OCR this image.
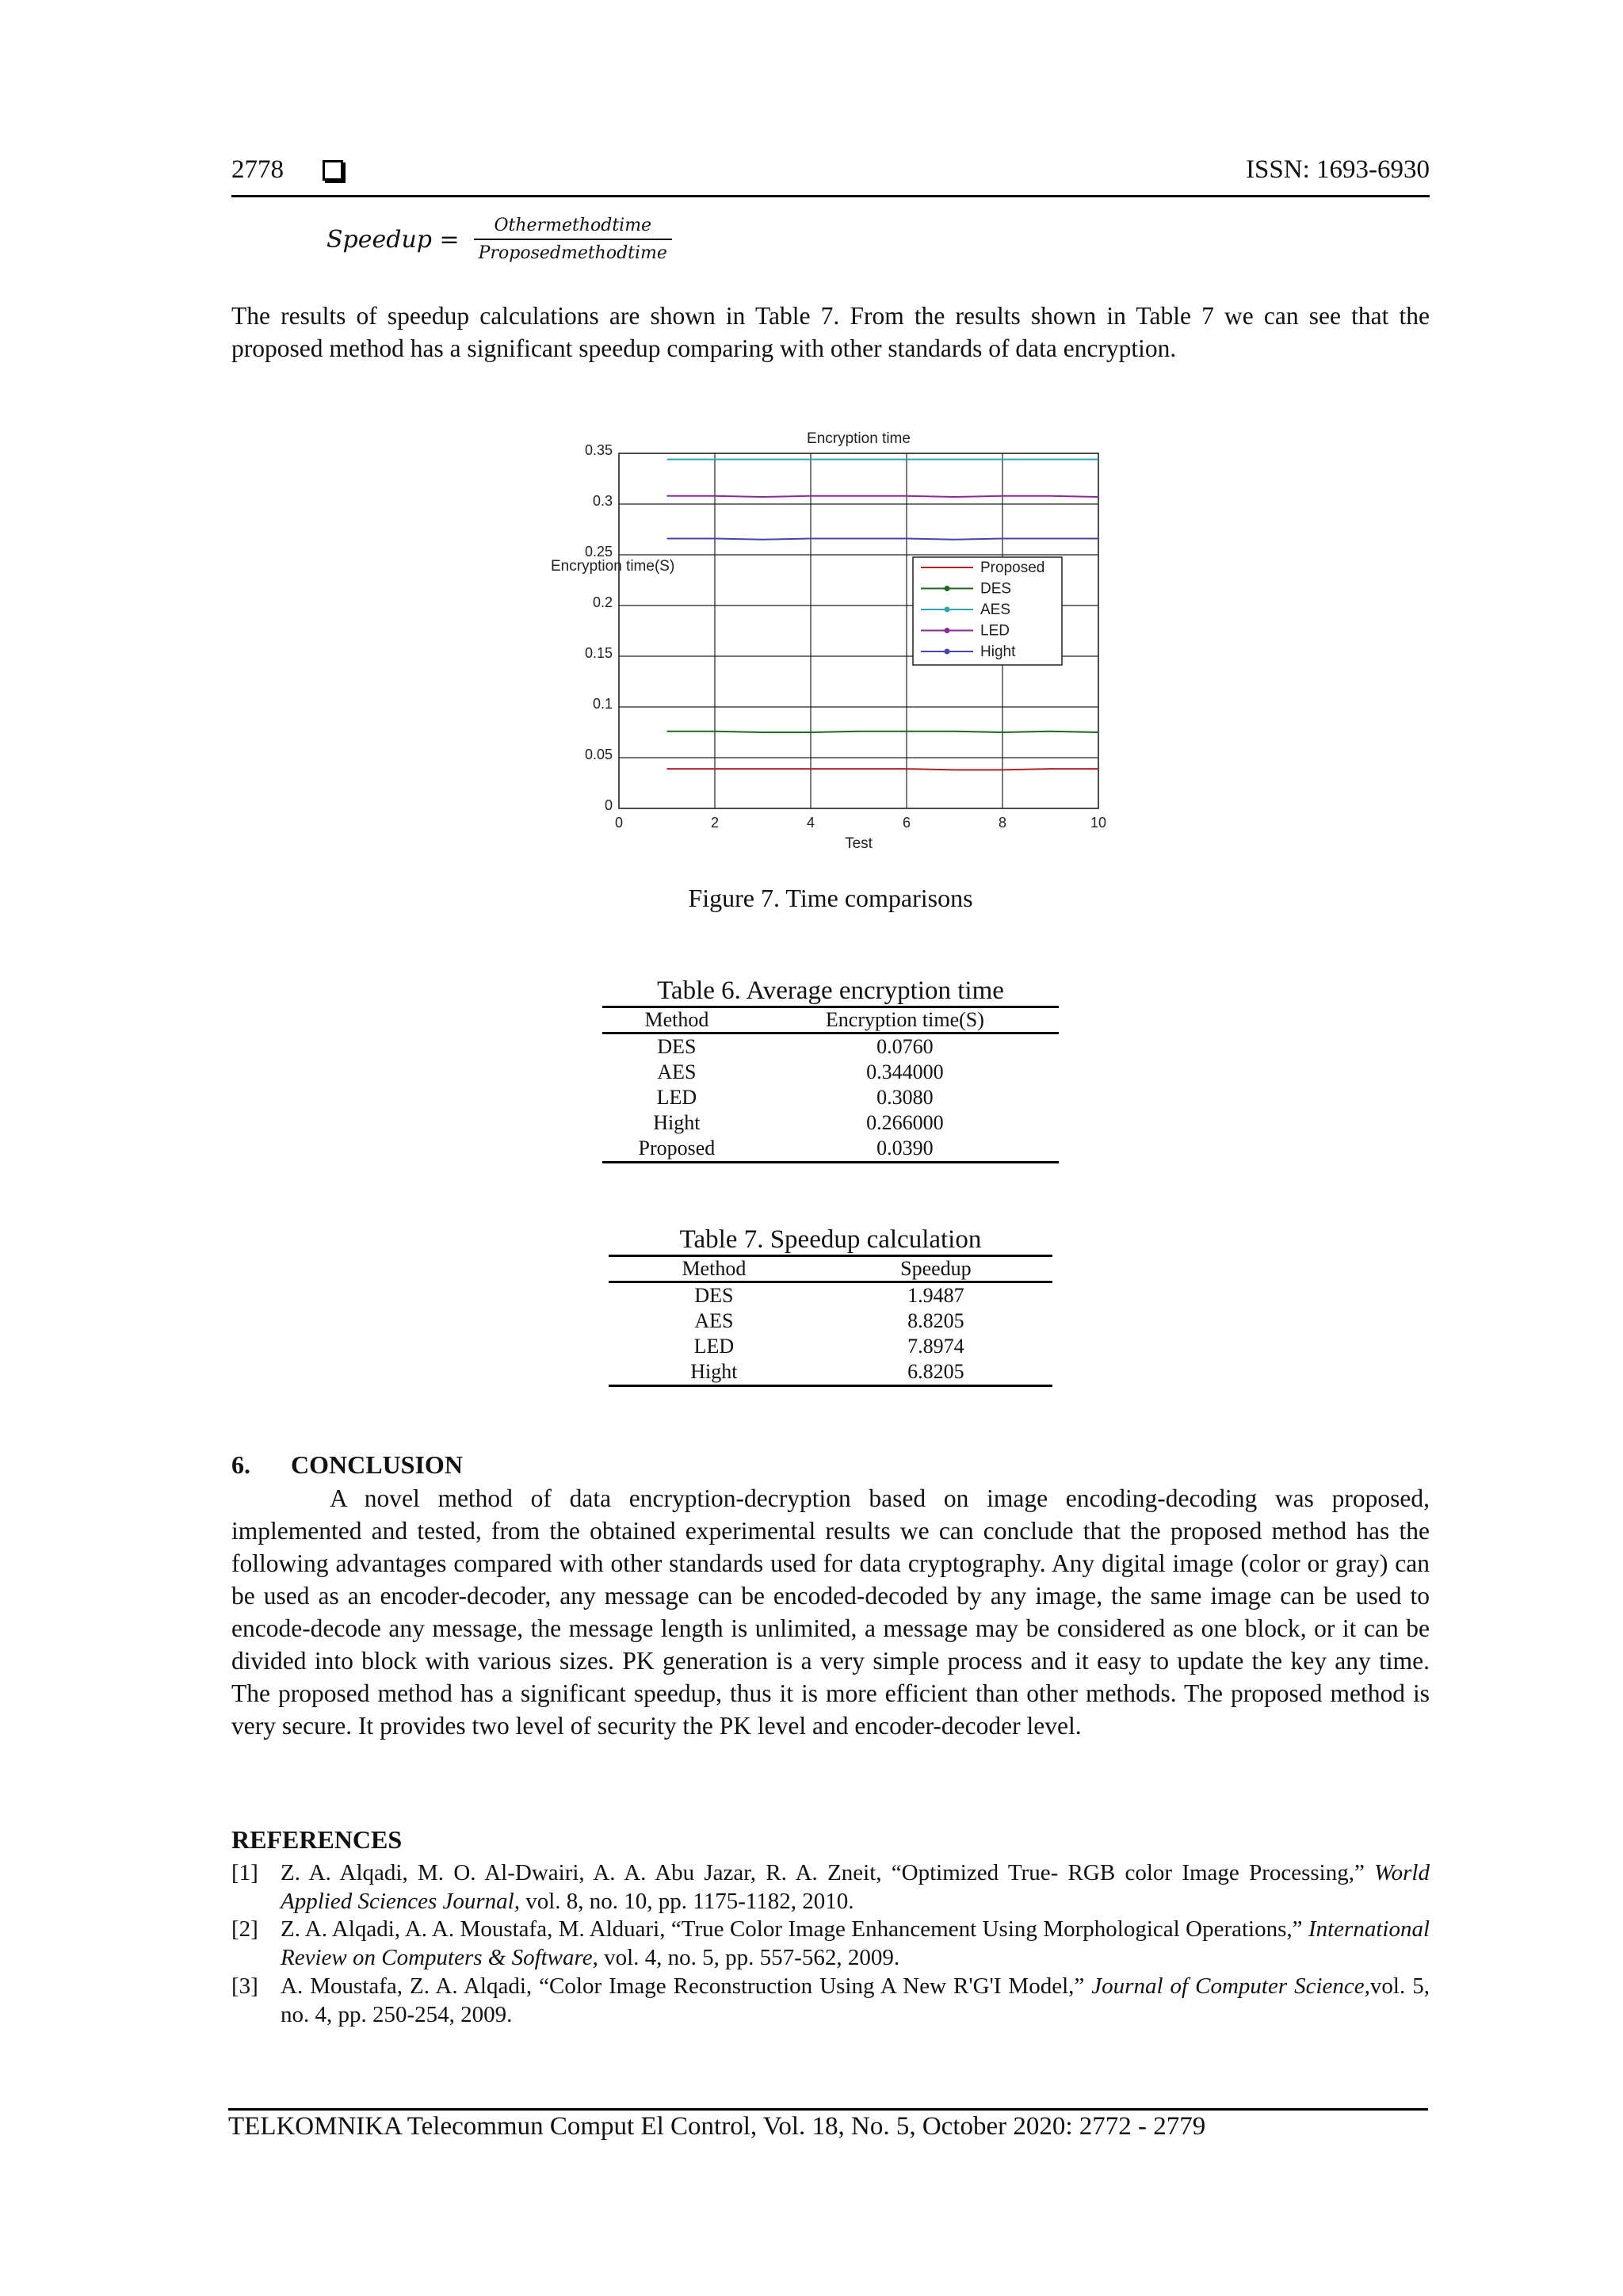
2778	ISSN: 1693-6930
Speedup = $\frac{\text{Othermethodtime}}{\text{Proposedmethodtime}}$
The results of speedup calculations are shown in Table 7. From the results shown in Table 7 we can see that the proposed method has a significant speedup comparing with other standards of data encryption.
0	2	4	6	8	10
0
0.05
0.1
0.15
0.2
0.25
0.3
0.35
Encryption time
Test
Encryption time(S)	Proposed
DES
AES
LED
Hight
Figure 7. Time comparisons
Table 6. Average encryption time
Method	Encryption time(S)
DES	0.0760
AES	0.344000
LED	0.3080
Hight	0.266000
Proposed	0.0390
Table 7. Speedup calculation
Method	Speedup
DES	1.9487
AES	8.8205
LED	7.8974
Hight	6.8205
6. CONCLUSION
A novel method of data encryption-decryption based on image encoding-decoding was proposed, implemented and tested, from the obtained experimental results we can conclude that the proposed method has the following advantages compared with other standards used for data cryptography. Any digital image (color or gray) can be used as an encoder-decoder, any message can be encoded-decoded by any image, the same image can be used to encode-decode any message, the message length is unlimited, a message may be considered as one block, or it can be divided into block with various sizes. PK generation is a very simple process and it easy to update the key any time. The proposed method has a significant speedup, thus it is more efficient than other methods. The proposed method is very secure. It provides two level of security the PK level and encoder-decoder level.
REFERENCES
[1] Z. A. Alqadi, M. O. Al-Dwairi, A. A. Abu Jazar, R. A. Zneit, “Optimized True- RGB color Image Processing,” World Applied Sciences Journal, vol. 8, no. 10, pp. 1175-1182, 2010.
[2] Z. A. Alqadi, A. A. Moustafa, M. Alduari, “True Color Image Enhancement Using Morphological Operations,” International Review on Computers & Software, vol. 4, no. 5, pp. 557-562, 2009.
[3] A. Moustafa, Z. A. Alqadi, “Color Image Reconstruction Using A New R'G'I Model,” Journal of Computer Science,vol. 5, no. 4, pp. 250-254, 2009.
TELKOMNIKA Telecommun Comput El Control, Vol. 18, No. 5, October 2020: 2772 - 2779
